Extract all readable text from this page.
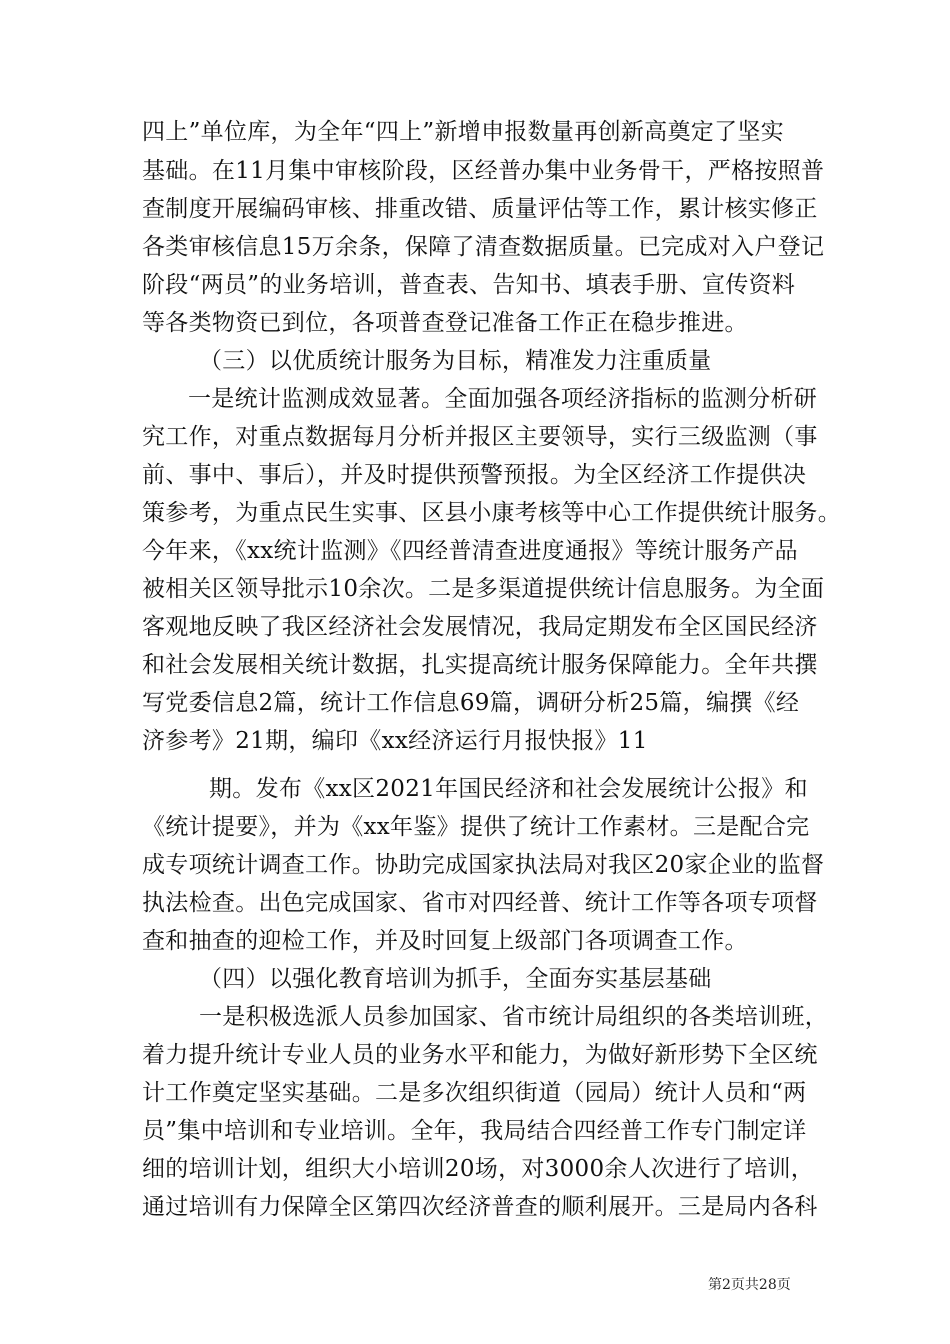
四上”单位库，为全年“四上”新增申报数量再创新高奠定了坚实
基础。在11月集中审核阶段，区经普办集中业务骨干，严格按照普
查制度开展编码审核、排重改错、质量评估等工作，累计核实修正
各类审核信息15万余条，保障了清查数据质量。已完成对入户登记
阶段“两员”的业务培训，普查表、告知书、填表手册、宣传资料
等各类物资已到位，各项普查登记准备工作正在稳步推进。
（三）以优质统计服务为目标，精准发力注重质量
一是统计监测成效显著。全面加强各项经济指标的监测分析研
究工作，对重点数据每月分析并报区主要领导，实行三级监测（事
前、事中、事后），并及时提供预警预报。为全区经济工作提供决
策参考，为重点民生实事、区县小康考核等中心工作提供统计服务。
今年来，《xx统计监测》《四经普清查进度通报》等统计服务产品
被相关区领导批示10余次。二是多渠道提供统计信息服务。为全面
客观地反映了我区经济社会发展情况，我局定期发布全区国民经济
和社会发展相关统计数据，扎实提高统计服务保障能力。全年共撰
写党委信息2篇，统计工作信息69篇，调研分析25篇，编撰《经
济参考》21期，编印《xx经济运行月报快报》11
期。发布《xx区2021年国民经济和社会发展统计公报》和
《统计提要》，并为《xx年鉴》提供了统计工作素材。三是配合完
成专项统计调查工作。协助完成国家执法局对我区20家企业的监督
执法检查。出色完成国家、省市对四经普、统计工作等各项专项督
查和抽查的迎检工作，并及时回复上级部门各项调查工作。
（四）以强化教育培训为抓手，全面夯实基层基础
一是积极选派人员参加国家、省市统计局组织的各类培训班，
着力提升统计专业人员的业务水平和能力，为做好新形势下全区统
计工作奠定坚实基础。二是多次组织街道（园局）统计人员和“两
员”集中培训和专业培训。全年，我局结合四经普工作专门制定详
细的培训计划，组织大小培训20场，对3000余人次进行了培训，
通过培训有力保障全区第四次经济普查的顺利展开。三是局内各科
第2页共28页
